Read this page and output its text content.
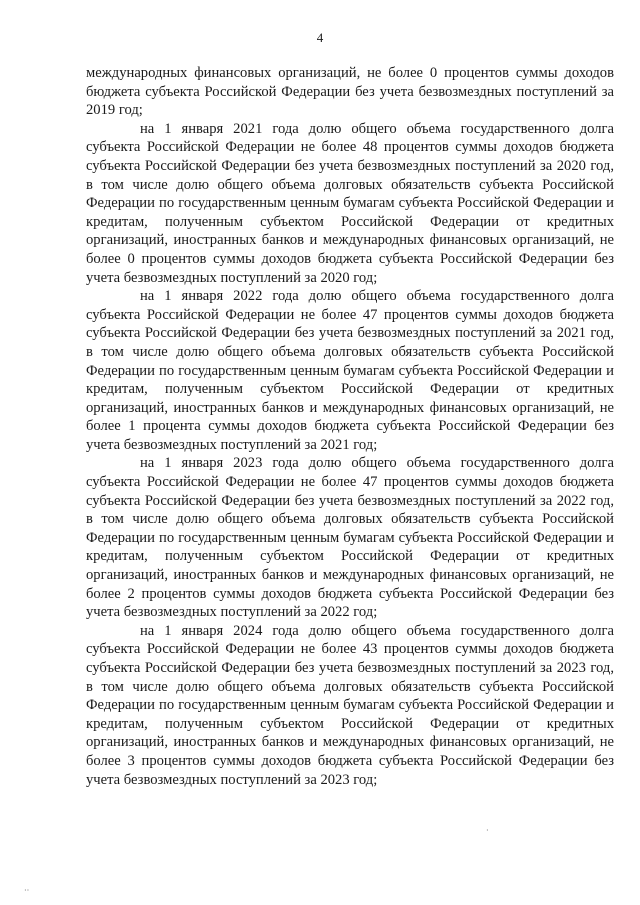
4

международных финансовых организаций, не более 0 процентов суммы доходов бюджета субъекта Российской Федерации без учета безвозмездных поступлений за 2019 год;

на 1 января 2021 года долю общего объема государственного долга субъекта Российской Федерации не более 48 процентов суммы доходов бюджета субъекта Российской Федерации без учета безвозмездных поступлений за 2020 год, в том числе долю общего объема долговых обязательств субъекта Российской Федерации по государственным ценным бумагам субъекта Российской Федерации и кредитам, полученным субъектом Российской Федерации от кредитных организаций, иностранных банков и международных финансовых организаций, не более 0 процентов суммы доходов бюджета субъекта Российской Федерации без учета безвозмездных поступлений за 2020 год;

на 1 января 2022 года долю общего объема государственного долга субъекта Российской Федерации не более 47 процентов суммы доходов бюджета субъекта Российской Федерации без учета безвозмездных поступлений за 2021 год, в том числе долю общего объема долговых обязательств субъекта Российской Федерации по государственным ценным бумагам субъекта Российской Федерации и кредитам, полученным субъектом Российской Федерации от кредитных организаций, иностранных банков и международных финансовых организаций, не более 1 процента суммы доходов бюджета субъекта Российской Федерации без учета безвозмездных поступлений за 2021 год;

на 1 января 2023 года долю общего объема государственного долга субъекта Российской Федерации не более 47 процентов суммы доходов бюджета субъекта Российской Федерации без учета безвозмездных поступлений за 2022 год, в том числе долю общего объема долговых обязательств субъекта Российской Федерации по государственным ценным бумагам субъекта Российской Федерации и кредитам, полученным субъектом Российской Федерации от кредитных организаций, иностранных банков и международных финансовых организаций, не более 2 процентов суммы доходов бюджета субъекта Российской Федерации без учета безвозмездных поступлений за 2022 год;

на 1 января 2024 года долю общего объема государственного долга субъекта Российской Федерации не более 43 процентов суммы доходов бюджета субъекта Российской Федерации без учета безвозмездных поступлений за 2023 год, в том числе долю общего объема долговых обязательств субъекта Российской Федерации по государственным ценным бумагам субъекта Российской Федерации и кредитам, полученным субъектом Российской Федерации от кредитных организаций, иностранных банков и международных финансовых организаций, не более 3 процентов суммы доходов бюджета субъекта Российской Федерации без учета безвозмездных поступлений за 2023 год;

·
··
